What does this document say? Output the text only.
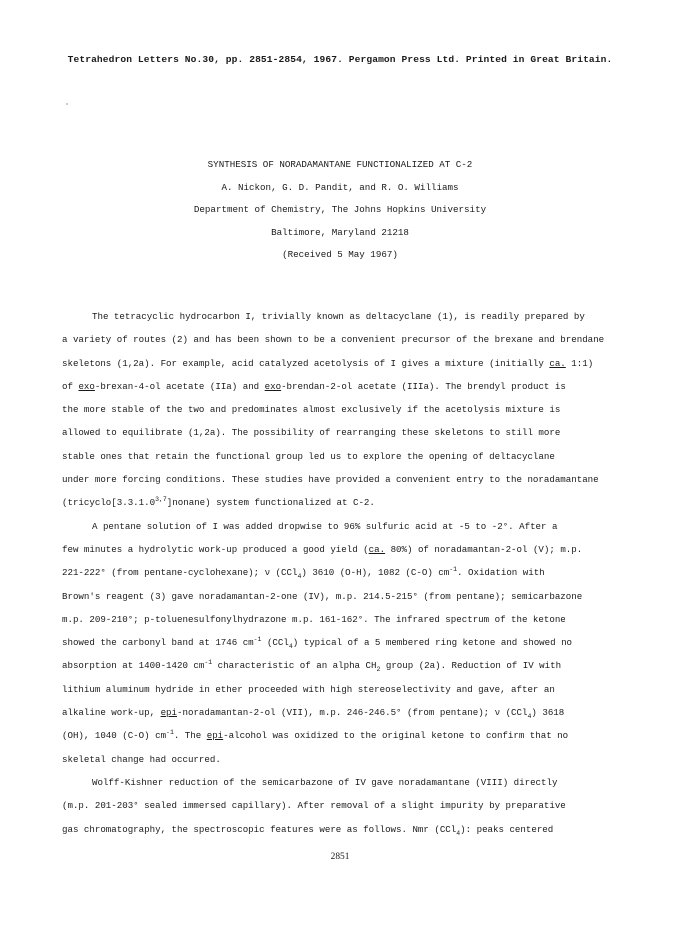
Tetrahedron Letters No.30, pp. 2851-2854, 1967. Pergamon Press Ltd. Printed in Great Britain.
SYNTHESIS OF NORADAMANTANE FUNCTIONALIZED AT C-2
A. Nickon, G. D. Pandit, and R. O. Williams
Department of Chemistry, The Johns Hopkins University
Baltimore, Maryland 21218
(Received 5 May 1967)
The tetracyclic hydrocarbon I, trivially known as deltacyclane (1), is readily prepared by
a variety of routes (2) and has been shown to be a convenient precursor of the brexane and brendane
skeletons (1,2a). For example, acid catalyzed acetolysis of I gives a mixture (initially ca. 1:1)
of exo-brexan-4-ol acetate (IIa) and exo-brendan-2-ol acetate (IIIa). The brendyl product is
the more stable of the two and predominates almost exclusively if the acetolysis mixture is
allowed to equilibrate (1,2a). The possibility of rearranging these skeletons to still more
stable ones that retain the functional group led us to explore the opening of deltacyclane
under more forcing conditions. These studies have provided a convenient entry to the noradamantane
(tricyclo[3.3.1.0$^{3,7}$]nonane) system functionalized at C-2.
A pentane solution of I was added dropwise to 96% sulfuric acid at -5 to -2°. After a
few minutes a hydrolytic work-up produced a good yield (ca. 80%) of noradamantan-2-ol (V); m.p.
221-222° (from pentane-cyclohexane); ν (CCl$_4$) 3610 (O-H), 1082 (C-O) $cm^{-1}$. Oxidation with
Brown's reagent (3) gave noradamantan-2-one (IV), m.p. 214.5-215° (from pentane); semicarbazone
m.p. 209-210°; p-toluenesulfonylhydrazone m.p. 161-162°. The infrared spectrum of the ketone
showed the carbonyl band at 1746 $cm^{-1}$ (CCl$_4$) typical of a 5 membered ring ketone and showed no
absorption at 1400-1420 $cm^{-1}$ characteristic of an alpha $CH_2$ group (2a). Reduction of IV with
lithium aluminum hydride in ether proceeded with high stereoselectivity and gave, after an
alkaline work-up, epi-noradamantan-2-ol (VII), m.p. 246-246.5° (from pentane); ν (CCl$_4$) 3618
(OH), 1040 (C-O) $cm^{-1}$. The epi-alcohol was oxidized to the original ketone to confirm that no
skeletal change had occurred.
Wolff-Kishner reduction of the semicarbazone of IV gave noradamantane (VIII) directly
(m.p. 201-203° sealed immersed capillary). After removal of a slight impurity by preparative
gas chromatography, the spectroscopic features were as follows. Nmr (CCl$_4$): peaks centered
2851
